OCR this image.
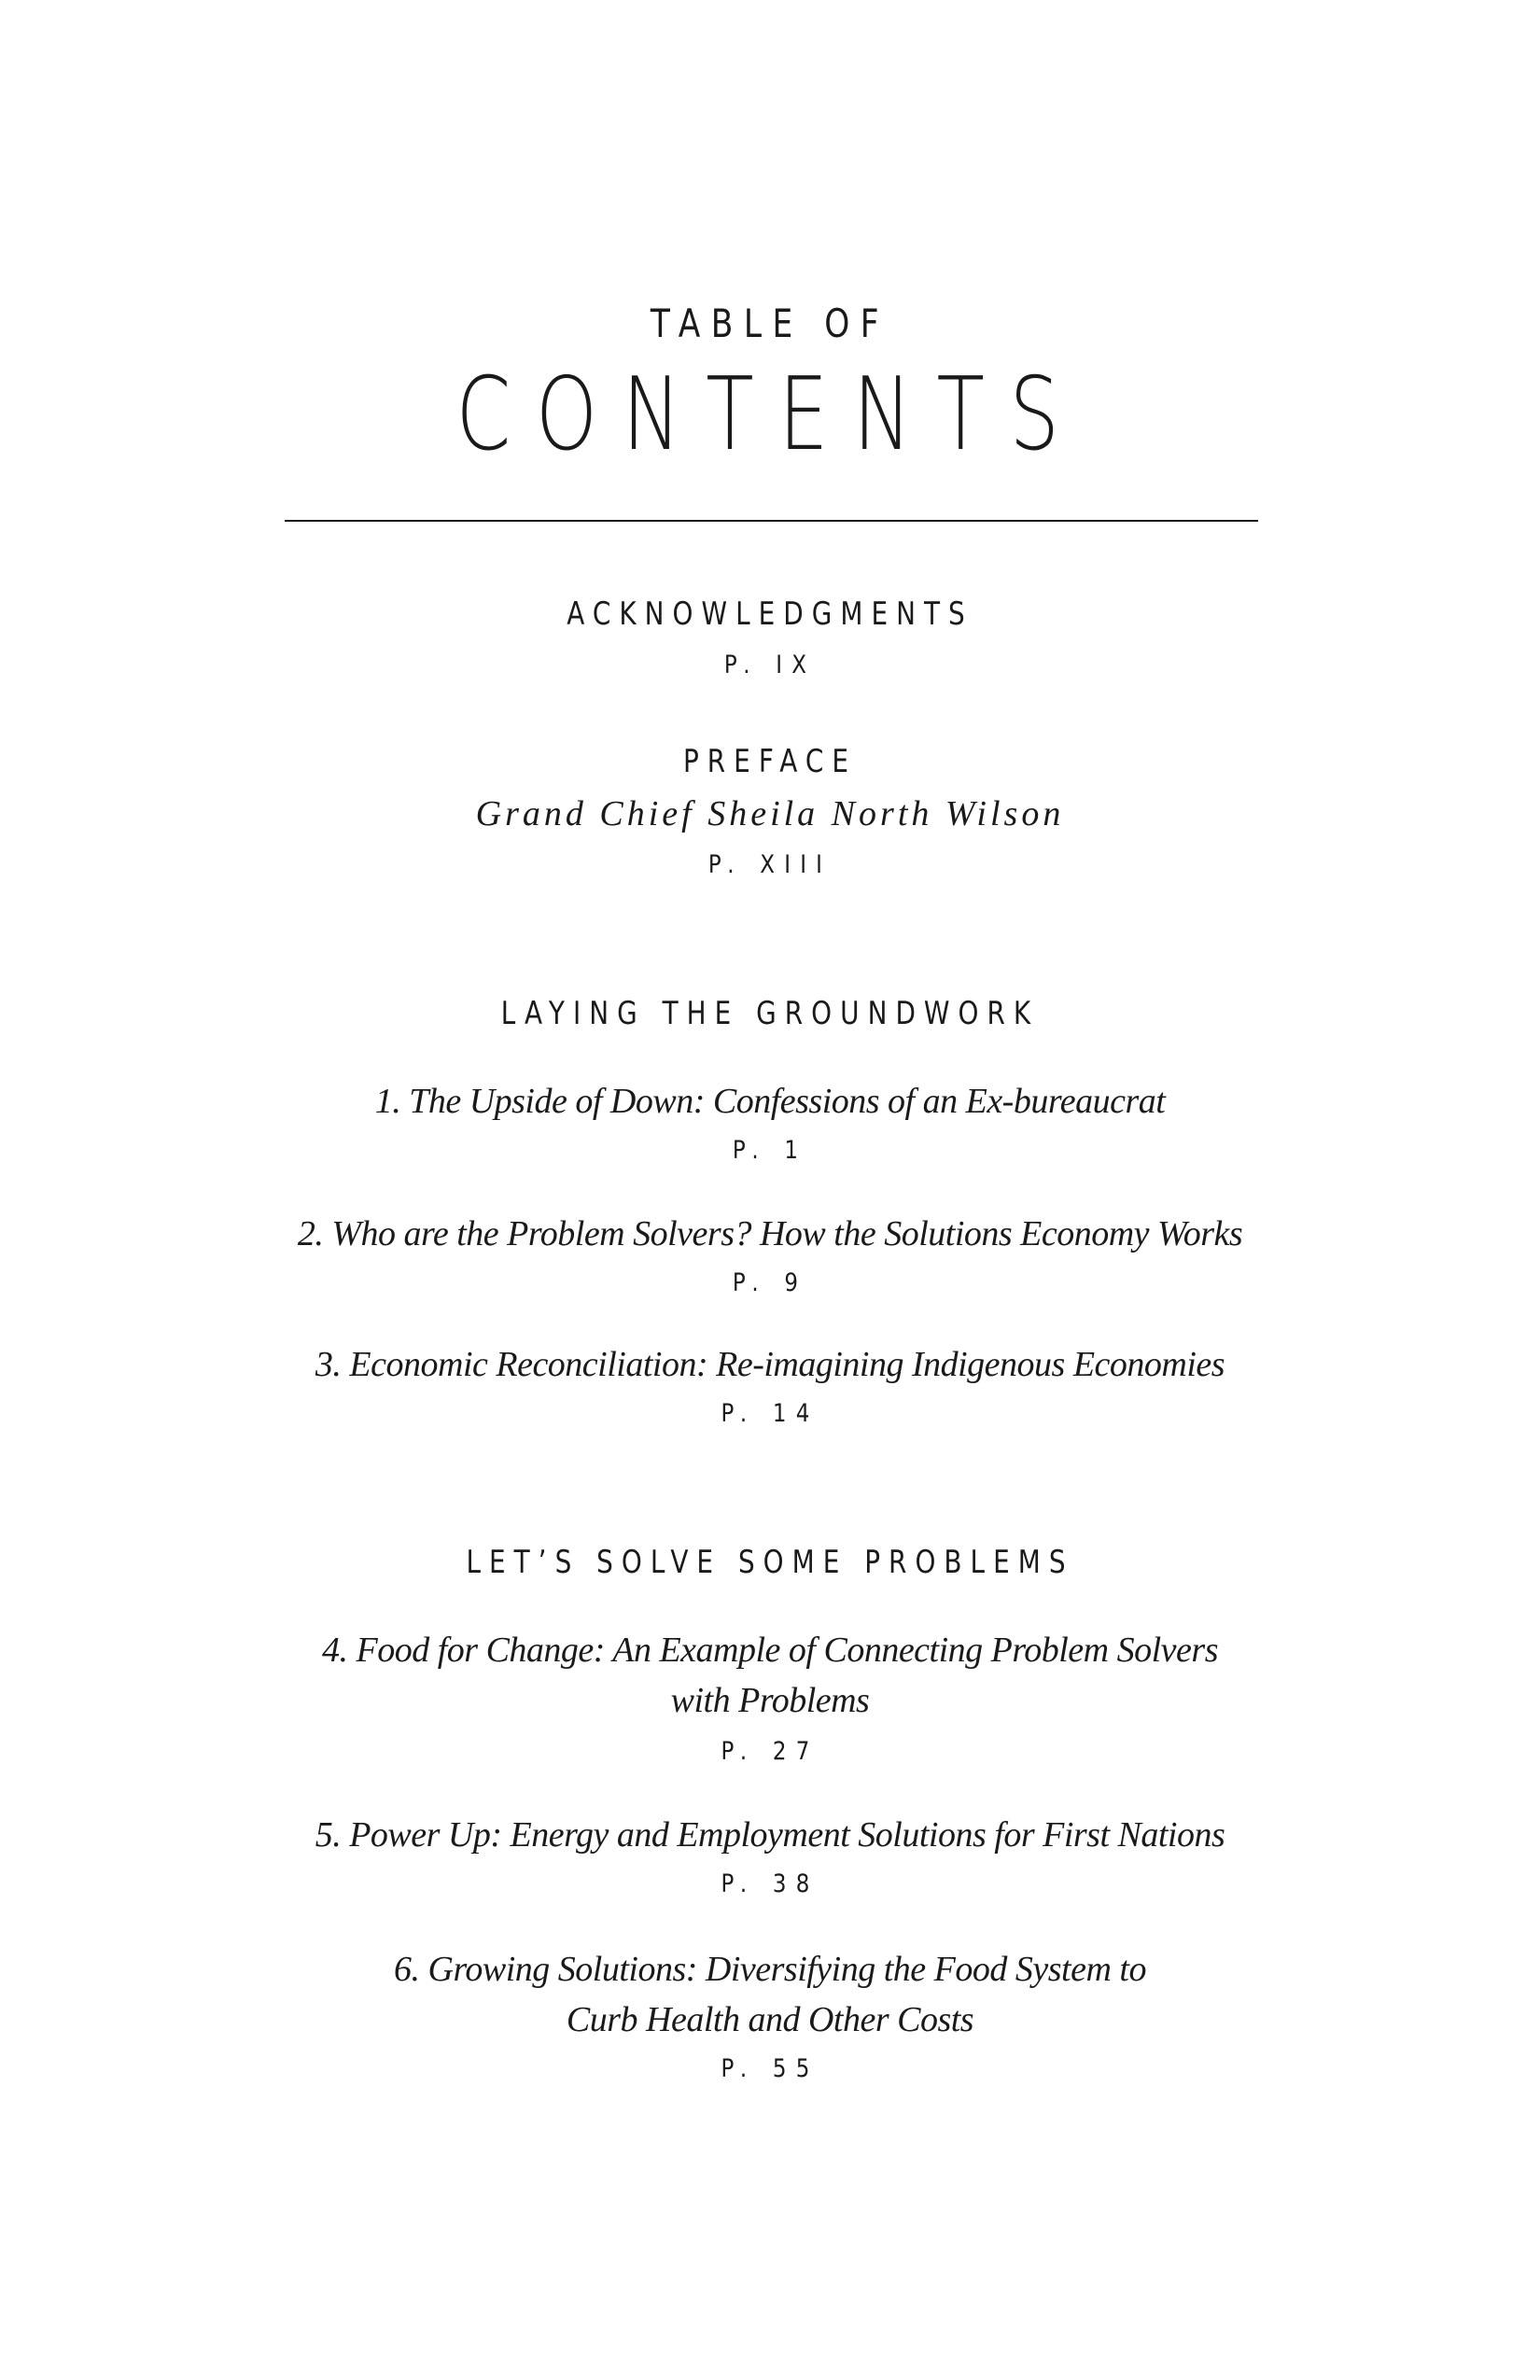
TABLE OF
CONTENTS
ACKNOWLEDGMENTS
P. IX
PREFACE
Grand Chief Sheila North Wilson
P. XIII
LAYING THE GROUNDWORK
1. The Upside of Down: Confessions of an Ex-bureaucrat
P. 1
2. Who are the Problem Solvers? How the Solutions Economy Works
P. 9
3. Economic Reconciliation: Re-imagining Indigenous Economies
P. 14
LET’S SOLVE SOME PROBLEMS
4. Food for Change: An Example of Connecting Problem Solvers
with Problems
P. 27
5. Power Up: Energy and Employment Solutions for First Nations
P. 38
6. Growing Solutions: Diversifying the Food System to
Curb Health and Other Costs
P. 55
